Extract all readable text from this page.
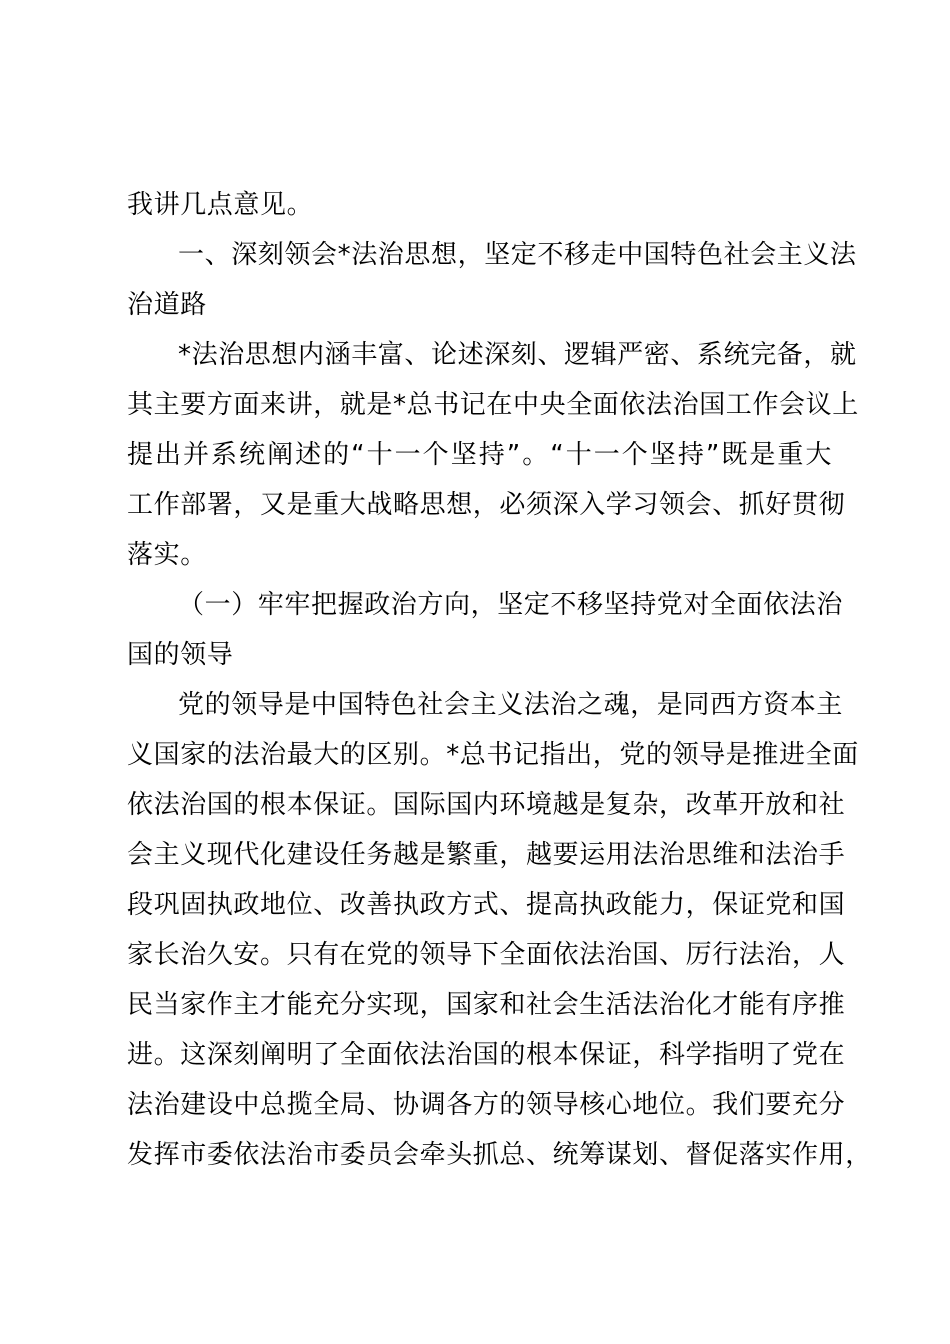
我讲几点意见。
一、深刻领会*法治思想，坚定不移走中国特色社会主义法
治道路
*法治思想内涵丰富、论述深刻、逻辑严密、系统完备，就
其主要方面来讲，就是*总书记在中央全面依法治国工作会议上
提出并系统阐述的“十一个坚持”。“十一个坚持”既是重大
工作部署，又是重大战略思想，必须深入学习领会、抓好贯彻
落实。
（一）牢牢把握政治方向，坚定不移坚持党对全面依法治
国的领导
党的领导是中国特色社会主义法治之魂，是同西方资本主
义国家的法治最大的区别。*总书记指出，党的领导是推进全面
依法治国的根本保证。国际国内环境越是复杂，改革开放和社
会主义现代化建设任务越是繁重，越要运用法治思维和法治手
段巩固执政地位、改善执政方式、提高执政能力，保证党和国
家长治久安。只有在党的领导下全面依法治国、厉行法治，人
民当家作主才能充分实现，国家和社会生活法治化才能有序推
进。这深刻阐明了全面依法治国的根本保证，科学指明了党在
法治建设中总揽全局、协调各方的领导核心地位。我们要充分
发挥市委依法治市委员会牵头抓总、统筹谋划、督促落实作用，
